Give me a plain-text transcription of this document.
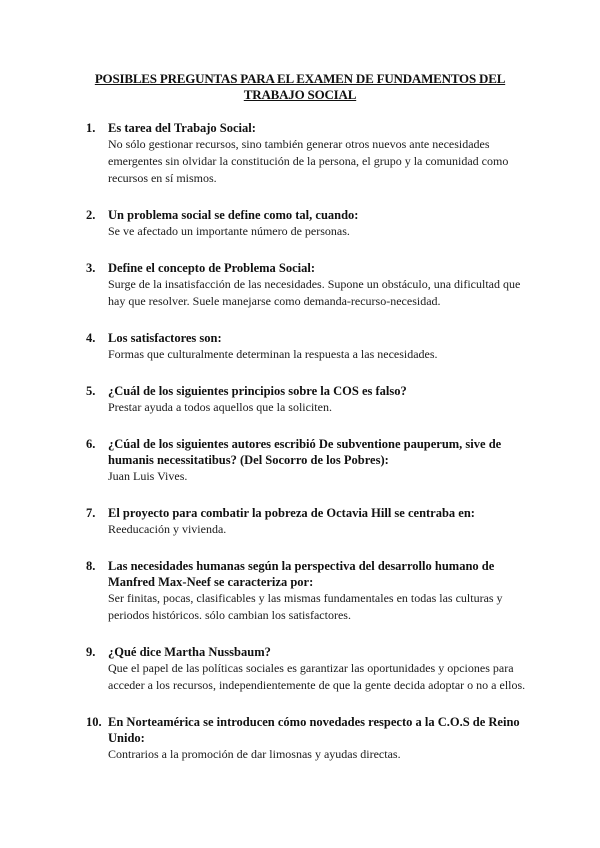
POSIBLES PREGUNTAS PARA EL EXAMEN DE FUNDAMENTOS DEL TRABAJO SOCIAL
1. Es tarea del Trabajo Social:
No sólo gestionar recursos, sino también generar otros nuevos ante necesidades emergentes sin olvidar la constitución de la persona, el grupo y la comunidad como recursos en sí mismos.
2. Un problema social se define como tal, cuando:
Se ve afectado un importante número de personas.
3. Define el concepto de Problema Social:
Surge de la insatisfacción de las necesidades. Supone un obstáculo, una dificultad que hay que resolver. Suele manejarse como demanda-recurso-necesidad.
4. Los satisfactores son:
Formas que culturalmente determinan la respuesta a las necesidades.
5. ¿Cuál de los siguientes principios sobre la COS es falso?
Prestar ayuda a todos aquellos que la soliciten.
6. ¿Cúal de los siguientes autores escribió De subventione pauperum, sive de humanis necessitatibus? (Del Socorro de los Pobres):
Juan Luis Vives.
7. El proyecto para combatir la pobreza de Octavia Hill se centraba en:
Reeducación y vivienda.
8. Las necesidades humanas según la perspectiva del desarrollo humano de Manfred Max-Neef se caracteriza por:
Ser finitas, pocas, clasificables y las mismas fundamentales en todas las culturas y periodos históricos. sólo cambian los satisfactores.
9. ¿Qué dice Martha Nussbaum?
Que el papel de las políticas sociales es garantizar las oportunidades y opciones para acceder a los recursos, independientemente de que la gente decida adoptar o no a ellos.
10. En Norteamérica se introducen cómo novedades respecto a la C.O.S de Reino Unido:
Contrarios a la promoción de dar limosnas y ayudas directas.
